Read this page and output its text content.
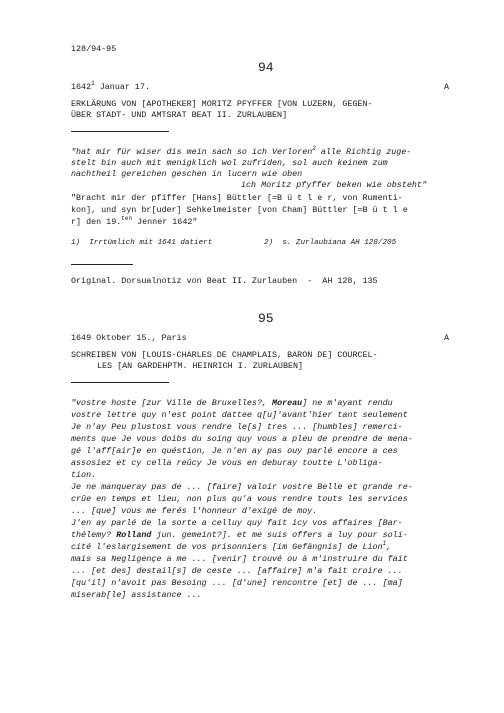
128/94-95
94
1642$^1$ Januar 17.	A
ERKLÄRUNG VON [APOTHEKER] MORITZ PFYFFER [VON LUZERN, GEGEN-
ÜBER STADT- UND AMTSRAT BEAT II. ZURLAUBEN]
"hat mir für wiser dis mein sach so ich Verloren$^2$ alle Richtig zuge-
stelt bin auch mit menigklich wol zufriden, sol auch keinem zum
nachtheil gereichen geschen in lucern wie oben
ich Moritz pfyffer beken wie obsteht"
"Bracht mir der pfiffer [Hans] Büttler [=B ü t l e r, von Rumenti-
kon], und syn br[uder] Sehkelmeister [von Cham] Büttler [=B ü t l e
r] den 19.$^{ten}$ Jenner 1642"
1)  Irrtümlich mit 1641 datiert	2)  s. Zurlaubiana AH 128/205
Original. Dorsualnotiz von Beat II. Zurlauben  -  AH 128, 135
95
1649 Oktober 15., Paris	A
SCHREIBEN VON [LOUIS-CHARLES DE CHAMPLAIS, BARON DE] COURCEL-
LES [AN GARDEHPTM. HEINRICH I. ZURLAUBEN]
"vostre hoste [zur Ville de Bruxelles?, Moreau] ne m'ayant rendu
vostre lettre quy n'est point dattee q[u]'avant'hier tant seulement
Je n'ay Peu plustost vous rendre le[s] tres ... [humbles] remerci-
ments que Je vous doibs du soing quy vous a pleu de prendre de mena-
gé l'aff[air]e en quéstion, Je n'en ay pas ouy parlé encore a ces
assosiez et cy cella reûcy Je vous en deburay toutte L'obliga-
tion.
Je ne manqueray pas de ... [faire] valoir vostre Belle et grande re-
crûe en temps et lieu, non plus qu'a vous rendre touts les services
... [que] vous me ferés l'honneur d'exigé de moy.
J'en ay parlé de la sorte a celluy quy fait icy vos affaires [Bar-
thélemy? Rolland jun. gemeint?]. et me suis offers a luy pour soli-
cité l'eslargisement de vos prisonniers [im Gefängnis] de Lion$^1$,
mais sa Negligençe a me ... [venir] trouvé ou à m'instruire du fait
... [et des] destail[s] de ceste ... [affaire] m'a fait croire ...
[qu'il] n'avoit pas Besoing ... [d'une] rencontre [et] de ... [ma]
miserab[le] assistance ...
